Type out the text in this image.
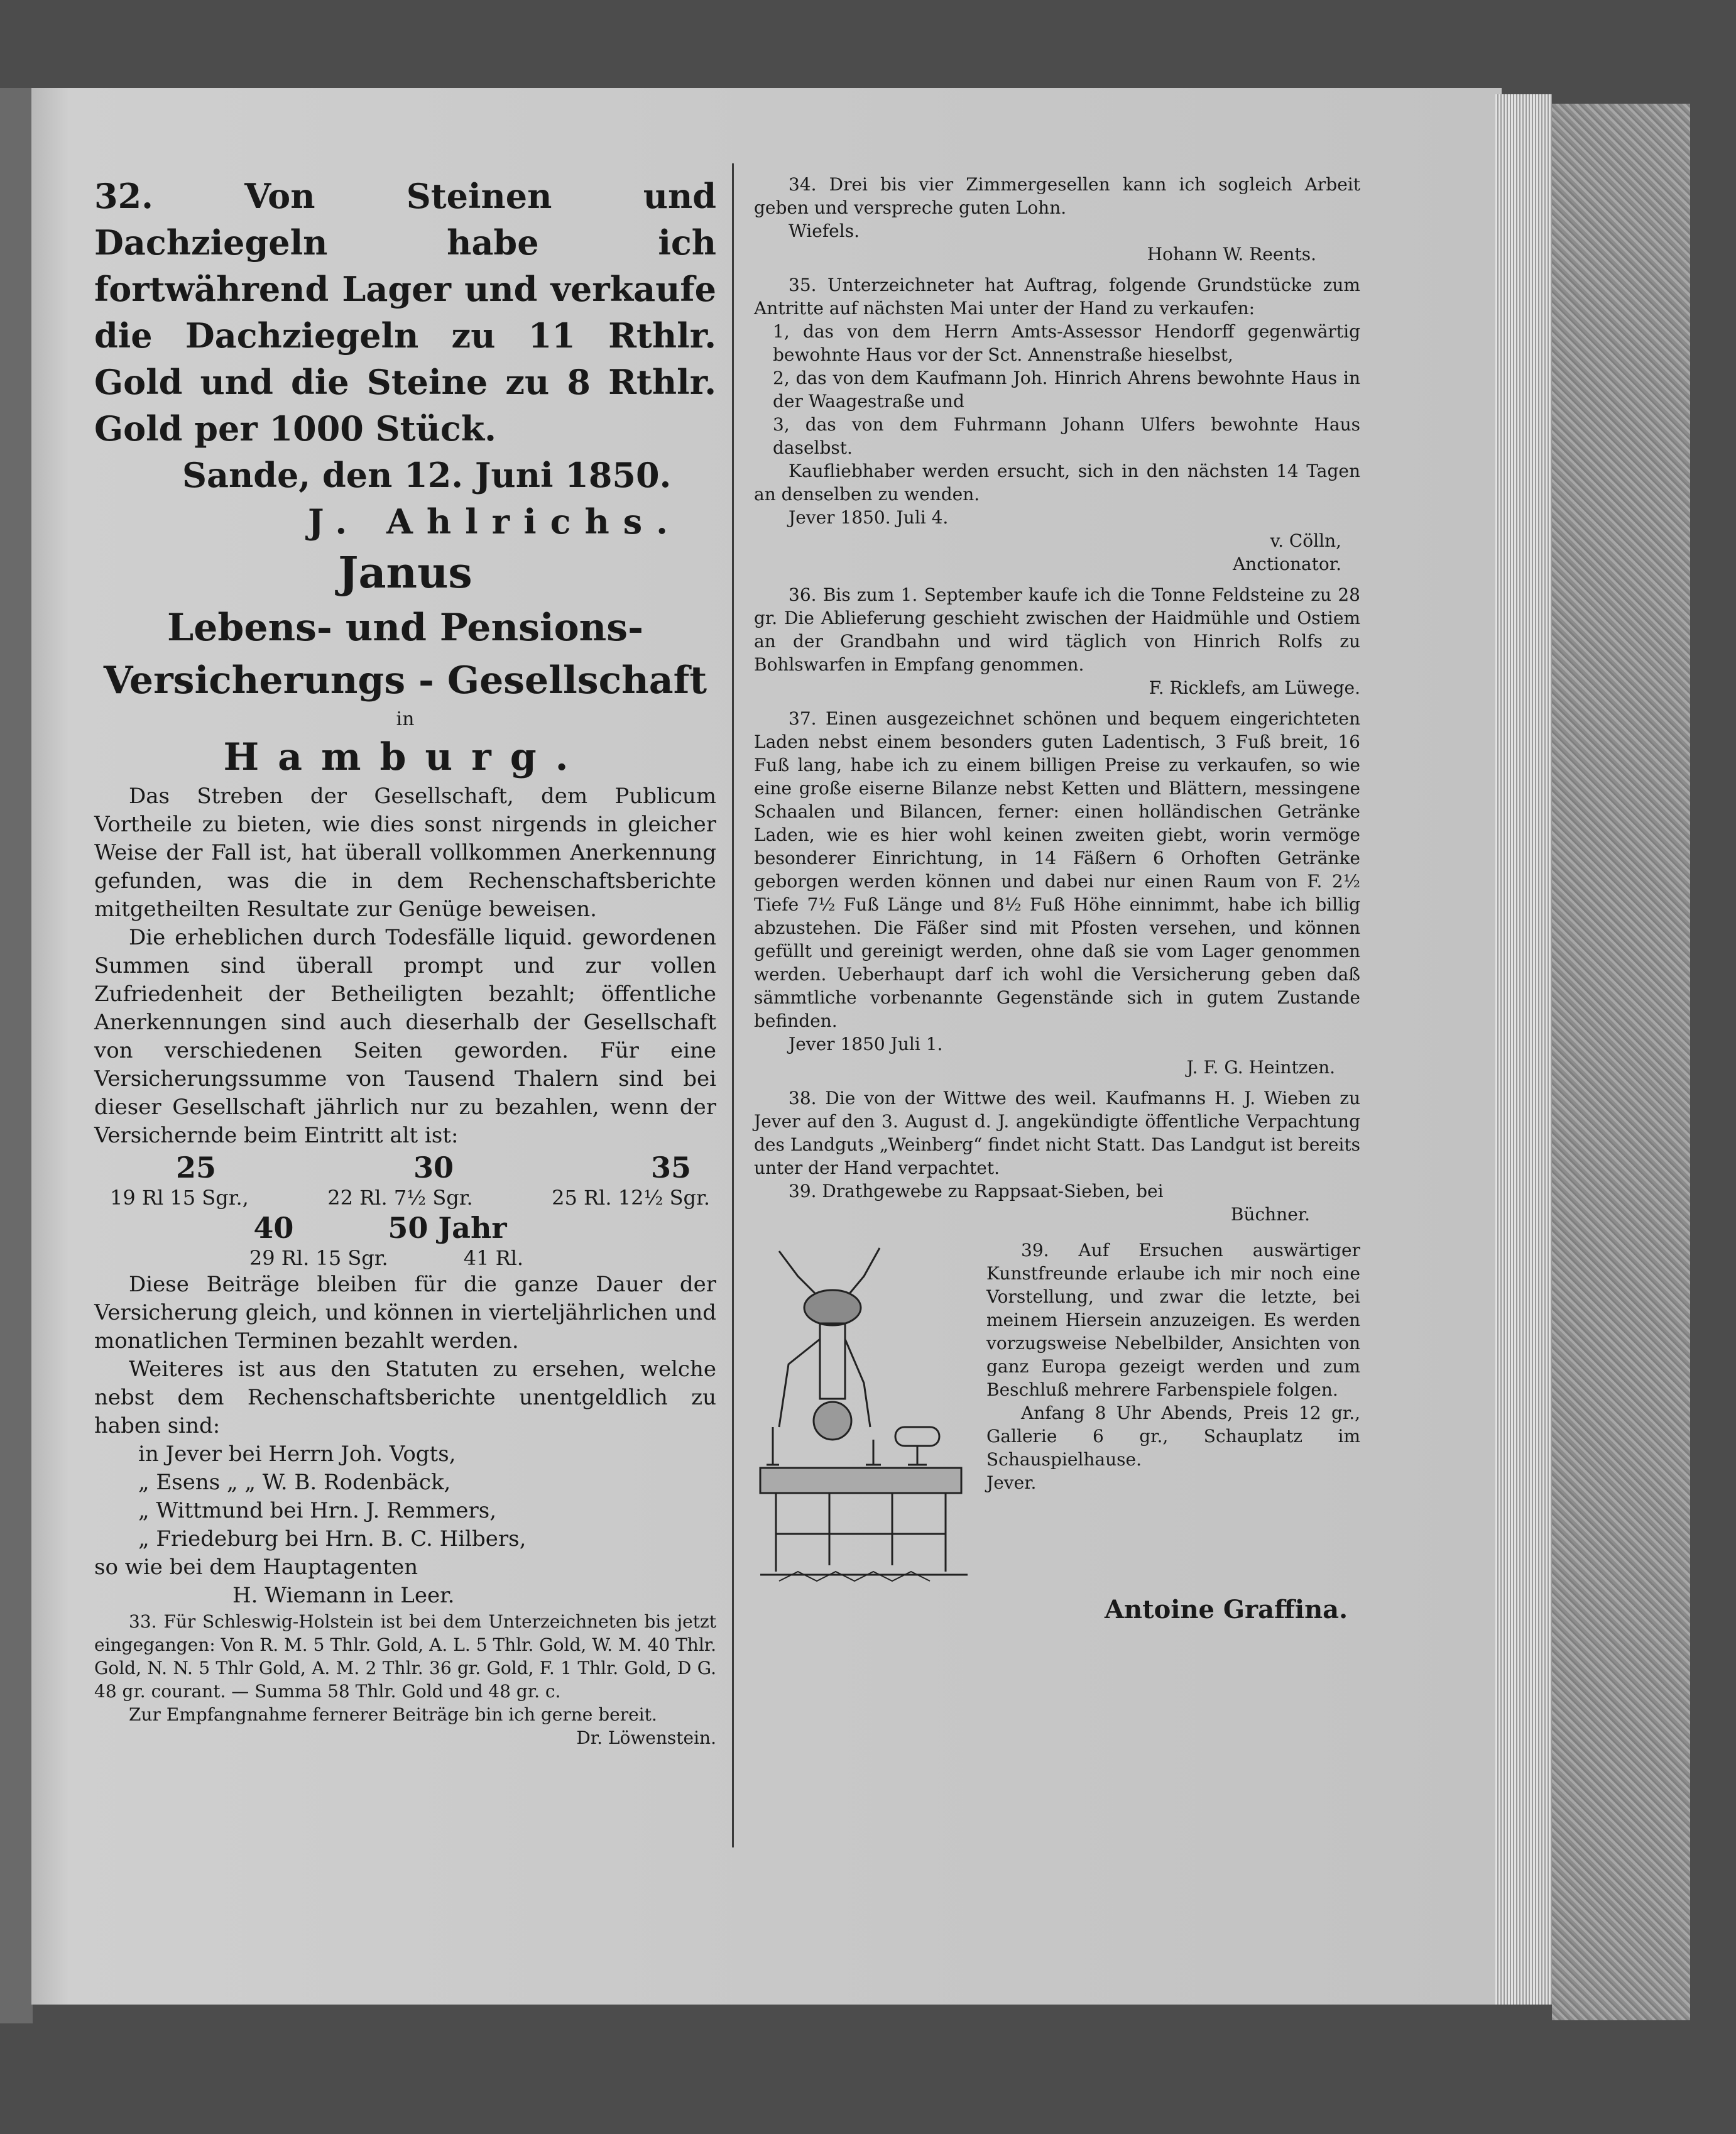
32. Von Steinen und Dachziegeln habe ich fortwährend Lager und verkaufe die Dachziegeln zu 11 Rthlr. Gold und die Steine zu 8 Rthlr. Gold per 1000 Stück.

Sande, den 12. Juni 1850.

J. Ahlrichs.

Janus

Lebens- und Pensions-Versicherungs - Gesellschaft

in

Hamburg.

Das Streben der Gesellschaft, dem Publicum Vortheile zu bieten, wie dies sonst nirgends in gleicher Weise der Fall ist, hat überall vollkommen Anerkennung gefunden, was die in dem Rechenschaftsberichte mitgetheilten Resultate zur Genüge beweisen.

Die erheblichen durch Todesfälle liquid. gewordenen Summen sind überall prompt und zur vollen Zufriedenheit der Betheiligten bezahlt; öffentliche Anerkennungen sind auch dieserhalb der Gesellschaft von verschiedenen Seiten geworden. Für eine Versicherungssumme von Tausend Thalern sind bei dieser Gesellschaft jährlich nur zu bezahlen, wenn der Versichernde beim Eintritt alt ist:

25	30	35
19 Rl 15 Sgr.,	22 Rl. 7½ Sgr.	25 Rl. 12½ Sgr.
40	50 Jahr
29 Rl. 15 Sgr.	41 Rl.

Diese Beiträge bleiben für die ganze Dauer der Versicherung gleich, und können in vierteljährlichen und monatlichen Terminen bezahlt werden.

Weiteres ist aus den Statuten zu ersehen, welche nebst dem Rechenschaftsberichte unentgeldlich zu haben sind:

in Jever bei Herrn Joh. Vogts,

„ Esens „ „ W. B. Rodenbäck,

„ Wittmund bei Hrn. J. Remmers,

„ Friedeburg bei Hrn. B. C. Hilbers,

so wie bei dem Hauptagenten

H. Wiemann in Leer.

33. Für Schleswig-Holstein ist bei dem Unterzeichneten bis jetzt eingegangen: Von R. M. 5 Thlr. Gold, A. L. 5 Thlr. Gold, W. M. 40 Thlr. Gold, N. N. 5 Thlr Gold, A. M. 2 Thlr. 36 gr. Gold, F. 1 Thlr. Gold, D G. 48 gr. courant. — Summa 58 Thlr. Gold und 48 gr. c.

Zur Empfangnahme fernerer Beiträge bin ich gerne bereit.

Dr. Löwenstein.

34. Drei bis vier Zimmergesellen kann ich sogleich Arbeit geben und verspreche guten Lohn.

Wiefels.

Hohann W. Reents.

35. Unterzeichneter hat Auftrag, folgende Grundstücke zum Antritte auf nächsten Mai unter der Hand zu verkaufen:

1, das von dem Herrn Amts-Assessor Hendorff gegenwärtig bewohnte Haus vor der Sct. Annenstraße hieselbst,

2, das von dem Kaufmann Joh. Hinrich Ahrens bewohnte Haus in der Waagestraße und

3, das von dem Fuhrmann Johann Ulfers bewohnte Haus daselbst.

Kaufliebhaber werden ersucht, sich in den nächsten 14 Tagen an denselben zu wenden.

Jever 1850. Juli 4.

v. Cölln,

Anctionator.

36. Bis zum 1. September kaufe ich die Tonne Feldsteine zu 28 gr. Die Ablieferung geschieht zwischen der Haidmühle und Ostiem an der Grandbahn und wird täglich von Hinrich Rolfs zu Bohlswarfen in Empfang genommen.

F. Ricklefs, am Lüwege.

37. Einen ausgezeichnet schönen und bequem eingerichteten Laden nebst einem besonders guten Ladentisch, 3 Fuß breit, 16 Fuß lang, habe ich zu einem billigen Preise zu verkaufen, so wie eine große eiserne Bilanze nebst Ketten und Blättern, messingene Schaalen und Bilancen, ferner: einen holländischen Getränke Laden, wie es hier wohl keinen zweiten giebt, worin vermöge besonderer Einrichtung, in 14 Fäßern 6 Orhoften Getränke geborgen werden können und dabei nur einen Raum von F. 2½ Tiefe 7½ Fuß Länge und 8½ Fuß Höhe einnimmt, habe ich billig abzustehen. Die Fäßer sind mit Pfosten versehen, und können gefüllt und gereinigt werden, ohne daß sie vom Lager genommen werden. Ueberhaupt darf ich wohl die Versicherung geben daß sämmtliche vorbenannte Gegenstände sich in gutem Zustande befinden.

Jever 1850 Juli 1.

J. F. G. Heintzen.

38. Die von der Wittwe des weil. Kaufmanns H. J. Wieben zu Jever auf den 3. August d. J. angekündigte öffentliche Verpachtung des Landguts „Weinberg“ findet nicht Statt. Das Landgut ist bereits unter der Hand verpachtet.

39. Drathgewebe zu Rappsaat-Sieben, bei

Büchner.

39. Auf Ersuchen auswärtiger Kunstfreunde erlaube ich mir noch eine Vorstellung, und zwar die letzte, bei meinem Hiersein anzuzeigen. Es werden vorzugsweise Nebelbilder, Ansichten von ganz Europa gezeigt werden und zum Beschluß mehrere Farbenspiele folgen.

Anfang 8 Uhr Abends, Preis 12 gr., Gallerie 6 gr., Schauplatz im Schauspielhause.

Jever.

Antoine Graffina.
